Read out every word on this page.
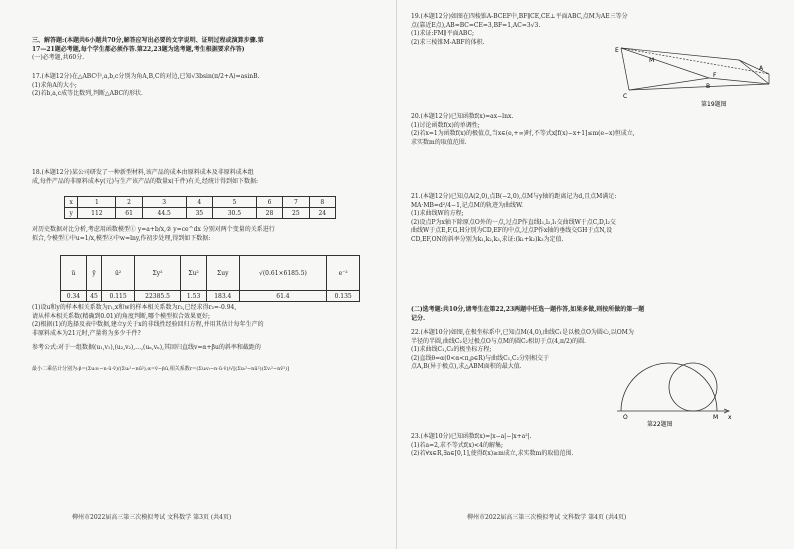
三、解答题:(本题共6小题共70分,解答应写出必要的文字说明、证明过程或演算步骤.第

17—21题必考题,每个学生都必须作答.第22,23题为选考题,考生根据要求作答)

(一)必考题,共60分.

17.(本题12分)在△ABC中,a,b,c分别为角A,B,C的对边,已知√3bsin(π/2+A)=asinB.

(1)求角A的大小;

(2)若b,a,c成等比数列,判断△ABC的形状.

18.(本题12分)某公司研发了一种新型材料,该产品的成本由原料成本及非原料成本组

成,每件产品的非原料成本y(元)与生产该产品的数量x(千件)有关,经统计得到如下数据:

x	1	2	3	4	5	6	7	8
y	112	61	44.5	35	30.5	28	25	24

对历史数据对比分析,考虑用函数模型① y=a+b/x,② y=ce^dx 分别对两个变量的关系进行

拟合,令模型①中u=1/x,模型②中w=lny,作初步处理,得到如下数据:

ū	ȳ	ū²	Σy²	Σu²	Σuy	√(0.61×6185.5)	e⁻²
0.34	45	0.115	22385.5	1.53	183.4	61.4	0.135

(1)设u和y的样本相关系数为r₁,x和w的样本相关系数为r₂,已经求得r₂=-0.94,

请从样本相关系数(精确到0.01)的角度判断,哪个模型拟合效果更好;

(2)根据(1)的选择及表中数据,建立y关于x的非线性经验回归方程,并用其估计每年生产的

非原料成本为21元时,产量将为多少千件?

参考公式:对于一组数据(u₁,v₁),(u₂,v₂),…,(uₙ,vₙ),其回归直线v=α+βu的斜率和截距的

最小二乘估计分别为:β=(Σuᵢvᵢ−n·ū·v̄)/(Σuᵢ²−nū²),α=v̄−βū,相关系数r=(Σuᵢvᵢ−n·ū·v̄)/√[(Σuᵢ²−nū²)(Σvᵢ²−nv̄²)]

柳州市2022届高三第三次模拟考试 文科数学 第3页 (共4页)

19.(本题12分)如图在四棱锥A-BCEF中,BF∥CE,CE⊥平面ABC,点M为AE三等分

点(靠近E点),AB=BC=CE=3,BF=1,AC=3√3.

(1)求证:FM∥平面ABC;

(2)求三棱锥M-ABF的体积.

E
M
F
A
C
B
第19题图

20.(本题12分)已知函数f(x)=ax−lnx.

(1)讨论函数f(x)的单调性;

(2)若x=1为函数f(x)的极值点,当x∈(e,+∞)时,不等式x[f(x)−x+1]≤m(e−x)恒成立,

求实数m的取值范围.

21.(本题12分)已知点A(2,0),点B(−2,0),点M与y轴的距离记为d,且点M满足:

MA·MB=d²/4−1,记点M的轨迹为曲线W.

(1)求曲线W的方程;

(2)设点P为x轴下除原点O外的一点,过点P作直线l₁,l₂,l₁交曲线W于点C,D,l₂交

曲线W于点E,F,G,H分别为CD,EF的中点,过点P作x轴的垂线交GH于点N,设

CD,EF,ON的斜率分别为k₁,k₂,k₃,求证:(k₁+k₂)k₃为定值.

(二)选考题:共10分,请考生在第22,23两题中任选一题作答,如果多做,则按所做的第一题

记分.

22.(本题10分)如图,在极坐标系中,已知点M(4,0),曲线C₁是以极点O为圆心,以OM为

半径的半圆,曲线C₂是过极点O与点M的圆C₂相切于点(4,π/2)的圆.

(1)求曲线C₁,C₂的极坐标方程;

(2)直线θ=α(0<α<π,ρ∈R)与曲线C₁,C₂分别相交于

点A,B(异于极点),求△ABM面积的最大值.

O	M x
第22题图

23.(本题10分)已知函数f(x)=|x−a|−|x+a²|.

(1)若a=2,求不等式f(x)<4的解集;

(2)若∀x∈R,∃a∈[0,1],使得f(x)≥m成立,求实数m的取值范围.

柳州市2022届高三第三次模拟考试 文科数学 第4页 (共4页)
